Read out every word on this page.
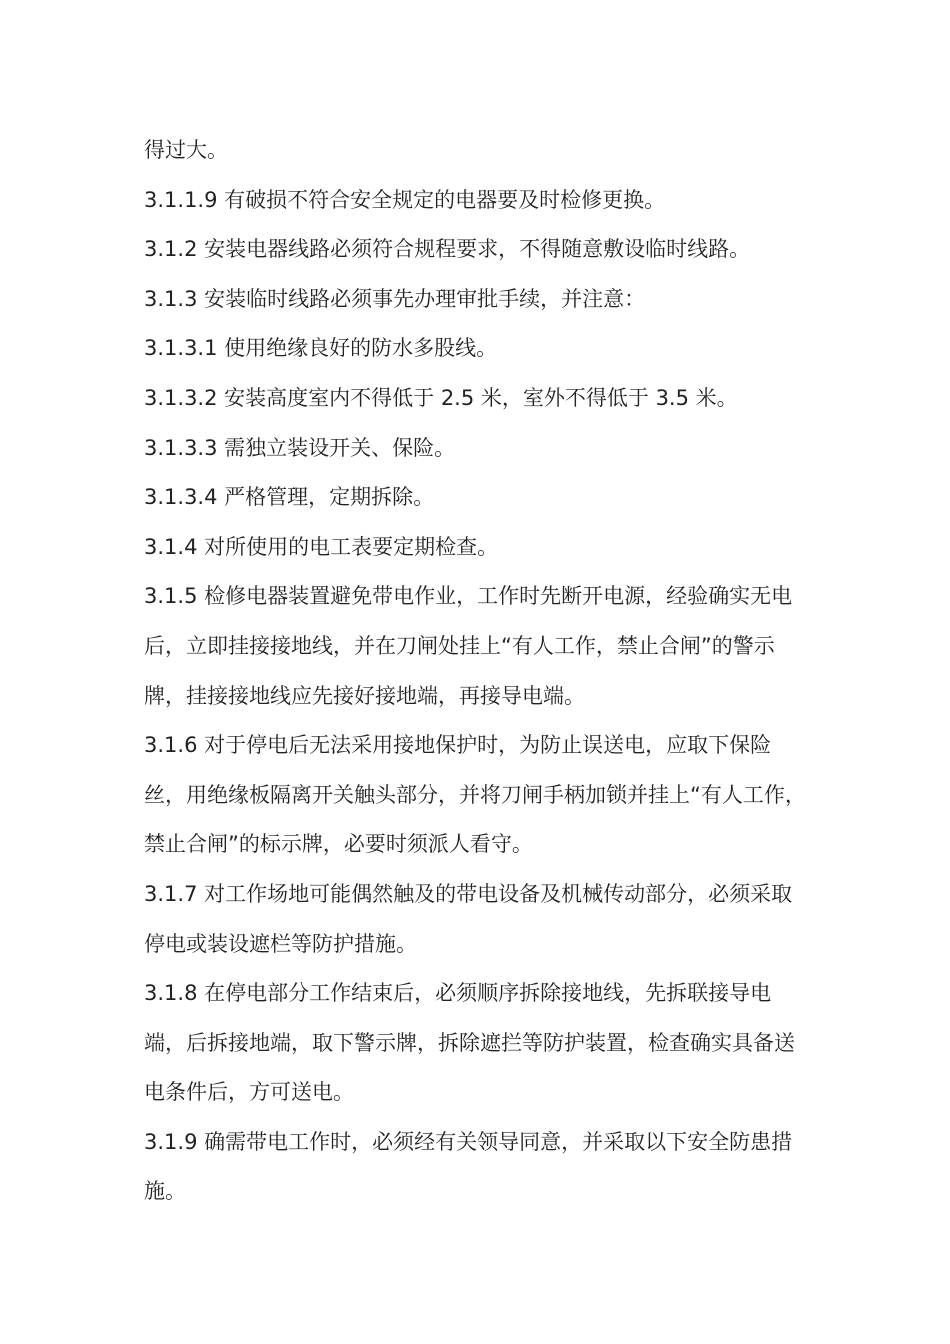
得过大。

3.1.1.9 有破损不符合安全规定的电器要及时检修更换。

3.1.2 安装电器线路必须符合规程要求，不得随意敷设临时线路。

3.1.3 安装临时线路必须事先办理审批手续，并注意：

3.1.3.1 使用绝缘良好的防水多股线。

3.1.3.2 安装高度室内不得低于 2.5 米，室外不得低于 3.5 米。

3.1.3.3 需独立装设开关、保险。

3.1.3.4 严格管理，定期拆除。

3.1.4 对所使用的电工表要定期检查。

3.1.5 检修电器装置避免带电作业，工作时先断开电源，经验确实无电后，立即挂接接地线，并在刀闸处挂上“有人工作，禁止合闸”的警示牌，挂接接地线应先接好接地端，再接导电端。

3.1.6 对于停电后无法采用接地保护时，为防止误送电，应取下保险丝，用绝缘板隔离开关触头部分，并将刀闸手柄加锁并挂上“有人工作，禁止合闸”的标示牌，必要时须派人看守。

3.1.7 对工作场地可能偶然触及的带电设备及机械传动部分，必须采取停电或装设遮栏等防护措施。

3.1.8 在停电部分工作结束后，必须顺序拆除接地线，先拆联接导电端，后拆接地端，取下警示牌，拆除遮拦等防护装置，检查确实具备送电条件后，方可送电。

3.1.9 确需带电工作时，必须经有关领导同意，并采取以下安全防患措施。
